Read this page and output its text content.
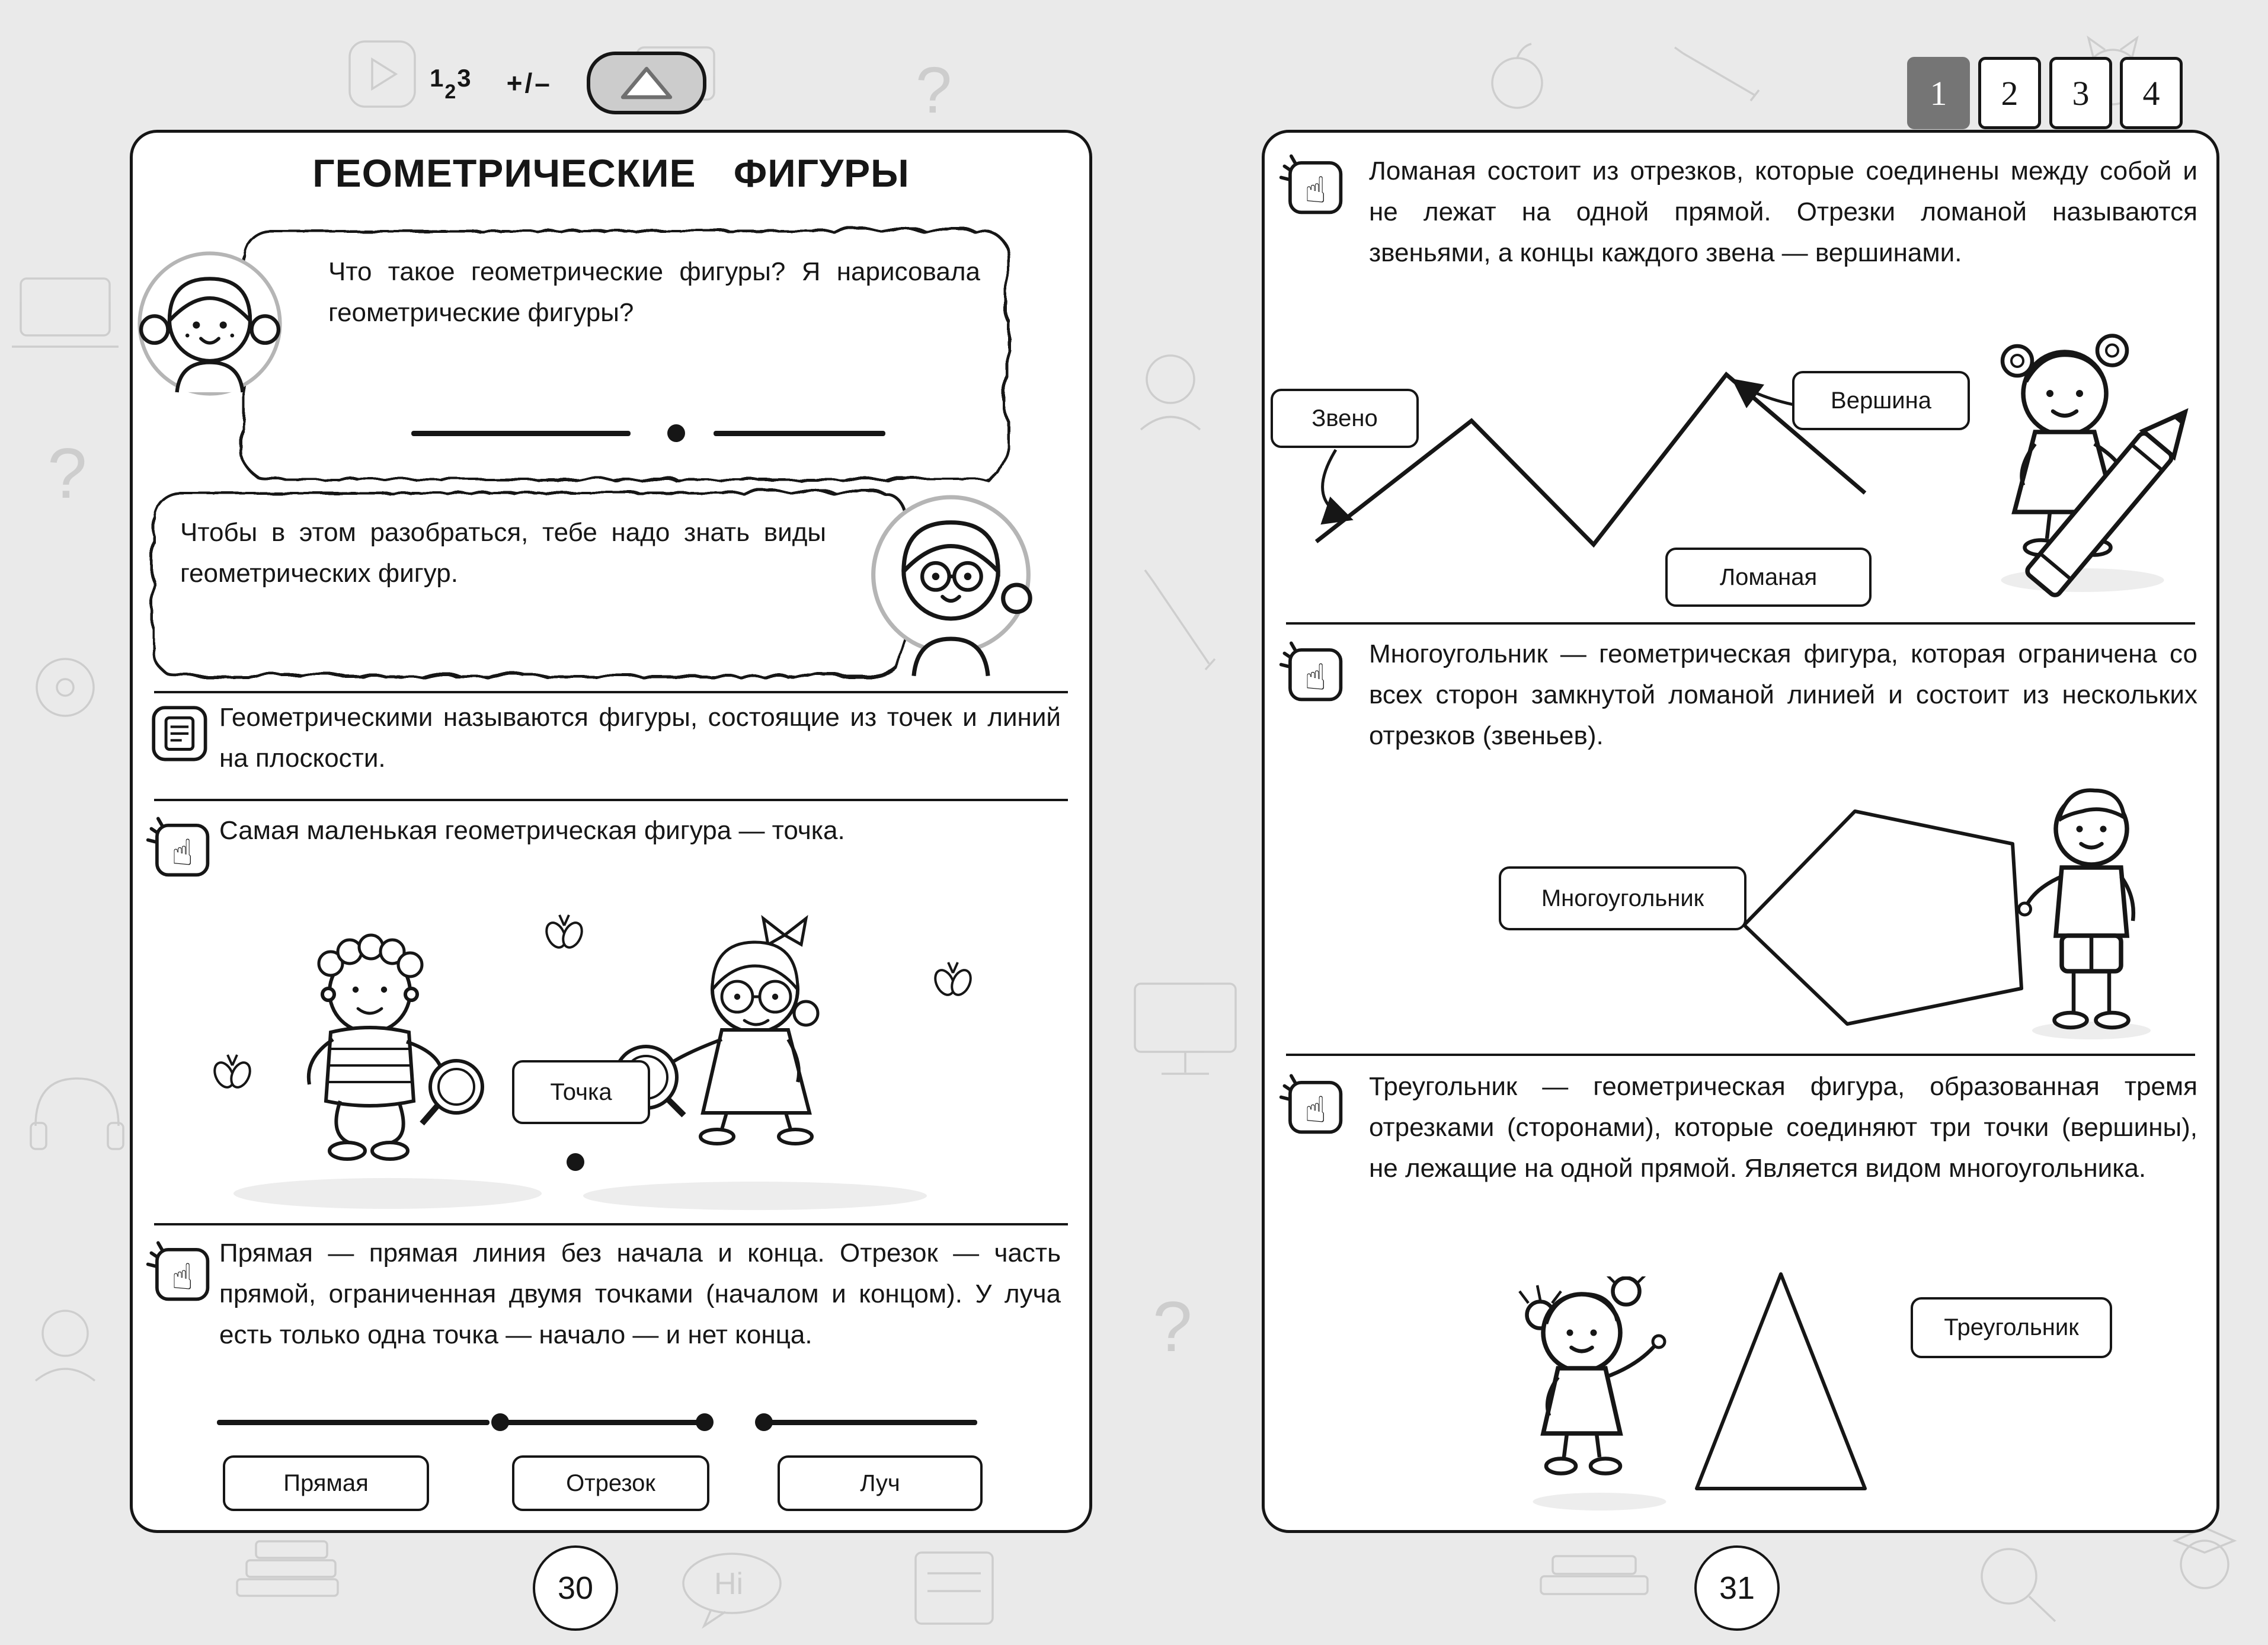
?
?
?
Hi
123 +/–	1	2	3	4
ГЕОМЕТРИЧЕСКИЕ ФИГУРЫ
Что такое геометрические фигуры? Я нарисовала геометрические фигуры?
Чтобы в этом разобраться, тебе надо знать виды геометрических фигур.
Геометрическими называются фигуры, состоящие из точек и линий на плоскости.
☝
Самая маленькая геометрическая фигура — точка.
Точка
☝
Прямая — прямая линия без начала и конца. Отрезок — часть прямой, ограниченная двумя точками (началом и концом). У луча есть только одна точка — начало — и нет конца.
Прямая	Отрезок	Луч
☝ Ломаная состоит из отрезков, которые соединены между собой и не лежат на одной прямой. Отрезки ломаной называются звеньями, а концы каждого звена — вершинами.
Звено
Вершина
Ломаная
☝
Многоугольник — геометрическая фигура, которая ограничена со всех сторон замкнутой ломаной линией и состоит из нескольких отрезков (звеньев).
Многоугольник
☝
Треугольник — геометрическая фигура, образованная тремя отрезками (сторонами), которые соединяют три точки (вершины), не лежащие на одной прямой. Является видом многоугольника.
Треугольник
30	31
